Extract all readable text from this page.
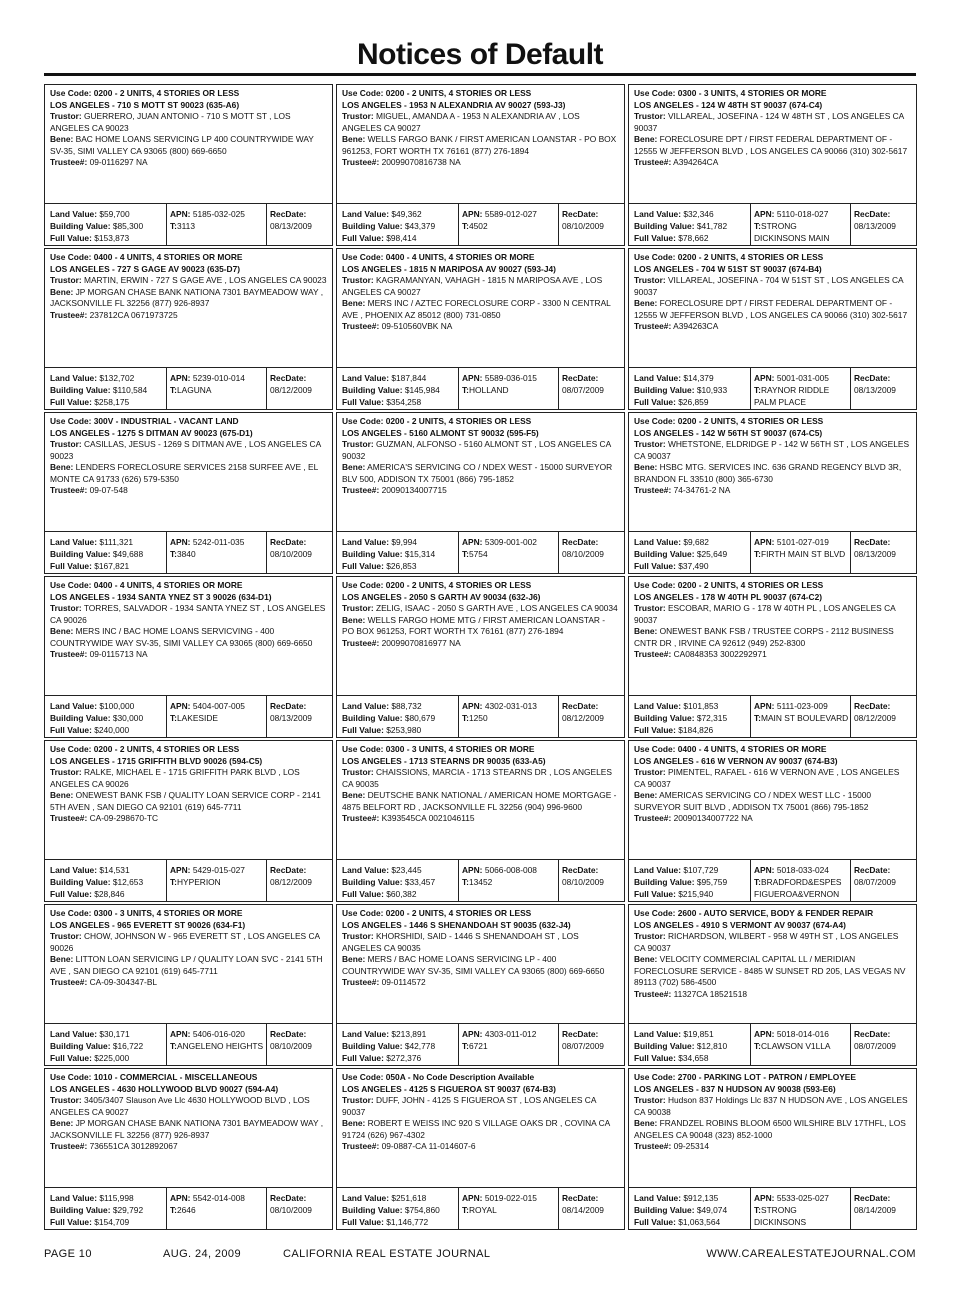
Notices of Default
Use Code: 0200 - 2 UNITS, 4 STORIES OR LESS
LOS ANGELES - 710 S MOTT ST 90023 (635-A6)
Trustor: GUERRERO, JUAN ANTONIO - 710 S MOTT ST , LOS ANGELES CA 90023
Bene: BAC HOME LOANS SERVICING LP 400 COUNTRYWIDE WAY SV-35, SIMI VALLEY CA 93065 (800) 669-6650
Trustee#: 09-0116297 NA
Land Value: $59,700
Building Value: $85,300
Full Value: $153,873
APN: 5185-032-025
T:3113
RecDate:
08/13/2009
Use Code: 0200 - 2 UNITS, 4 STORIES OR LESS
LOS ANGELES - 1953 N ALEXANDRIA AV 90027 (593-J3)
Trustor: MIGUEL, AMANDA A - 1953 N ALEXANDRIA AV , LOS ANGELES CA 90027
Bene: WELLS FARGO BANK / FIRST AMERICAN LOANSTAR - PO BOX 961253, FORT WORTH TX 76161 (877) 276-1894
Trustee#: 20099070816738 NA
Land Value: $49,362
Building Value: $43,379
Full Value: $98,414
APN: 5589-012-027
T:4502
RecDate:
08/10/2009
Use Code: 0300 - 3 UNITS, 4 STORIES OR MORE
LOS ANGELES - 124 W 48TH ST 90037 (674-C4)
Trustor: VILLAREAL, JOSEFINA - 124 W 48TH ST , LOS ANGELES CA 90037
Bene: FORECLOSURE DPT / FIRST FEDERAL DEPARTMENT OF - 12555 W JEFFERSON BLVD , LOS ANGELES CA 90066 (310) 302-5617
Trustee#: A394264CA
Land Value: $32,346
Building Value: $41,782
Full Value: $78,662
APN: 5110-018-027
T:STRONG DICKINSONS MAIN
RecDate:
08/13/2009
Use Code: 0400 - 4 UNITS, 4 STORIES OR MORE
LOS ANGELES - 727 S GAGE AV 90023 (635-D7)
Trustor: MARTIN, ERWIN - 727 S GAGE AVE , LOS ANGELES CA 90023
Bene: JP MORGAN CHASE BANK NATIONA 7301 BAYMEADOW WAY , JACKSONVILLE FL 32256 (877) 926-8937
Trustee#: 237812CA 0671973725
Land Value: $132,702
Building Value: $110,584
Full Value: $258,175
APN: 5239-010-014
T:LAGUNA
RecDate:
08/12/2009
Use Code: 0400 - 4 UNITS, 4 STORIES OR MORE
LOS ANGELES - 1815 N MARIPOSA AV 90027 (593-J4)
Trustor: KAGRAMANYAN, VAHAGH - 1815 N MARIPOSA AVE , LOS ANGELES CA 90027
Bene: MERS INC / AZTEC FORECLOSURE CORP - 3300 N CENTRAL AVE , PHOENIX AZ 85012 (800) 731-0850
Trustee#: 09-510560VBK NA
Land Value: $187,844
Building Value: $145,984
Full Value: $354,258
APN: 5589-036-015
T:HOLLAND
RecDate:
08/07/2009
Use Code: 0200 - 2 UNITS, 4 STORIES OR LESS
LOS ANGELES - 704 W 51ST ST 90037 (674-B4)
Trustor: VILLAREAL, JOSEFINA - 704 W 51ST ST , LOS ANGELES CA 90037
Bene: FORECLOSURE DPT / FIRST FEDERAL DEPARTMENT OF - 12555 W JEFFERSON BLVD , LOS ANGELES CA 90066 (310) 302-5617
Trustee#: A394263CA
Land Value: $14,379
Building Value: $10,933
Full Value: $26,859
APN: 5001-031-005
T:RAYNOR RIDDLE PALM PLACE
RecDate:
08/13/2009
Use Code: 300V - INDUSTRIAL - VACANT LAND
LOS ANGELES - 1275 S DITMAN AV 90023 (675-D1)
Trustor: CASILLAS, JESUS - 1269 S DITMAN AVE , LOS ANGELES CA 90023
Bene: LENDERS FORECLOSURE SERVICES 2158 SURFEE AVE , EL MONTE CA 91733 (626) 579-5350
Trustee#: 09-07-548
Land Value: $111,321
Building Value: $49,688
Full Value: $167,821
APN: 5242-011-035
T:3840
RecDate:
08/10/2009
Use Code: 0200 - 2 UNITS, 4 STORIES OR LESS
LOS ANGELES - 5160 ALMONT ST 90032 (595-F5)
Trustor: GUZMAN, ALFONSO - 5160 ALMONT ST , LOS ANGELES CA 90032
Bene: AMERICA'S SERVICING CO / NDEX WEST - 15000 SURVEYOR BLV 500, ADDISON TX 75001 (866) 795-1852
Trustee#: 20090134007715
Land Value: $9,994
Building Value: $15,314
Full Value: $26,853
APN: 5309-001-002
T:5754
RecDate:
08/10/2009
Use Code: 0200 - 2 UNITS, 4 STORIES OR LESS
LOS ANGELES - 142 W 56TH ST 90037 (674-C5)
Trustor: WHETSTONE, ELDRIDGE P - 142 W 56TH ST , LOS ANGELES CA 90037
Bene: HSBC MTG. SERVICES INC. 636 GRAND REGENCY BLVD 3R, BRANDON FL 33510 (800) 365-6730
Trustee#: 74-34761-2 NA
Land Value: $9,682
Building Value: $25,649
Full Value: $37,490
APN: 5101-027-019
T:FIRTH MAIN ST BLVD
RecDate:
08/13/2009
Use Code: 0400 - 4 UNITS, 4 STORIES OR MORE
LOS ANGELES - 1934 SANTA YNEZ ST 3 90026 (634-D1)
Trustor: TORRES, SALVADOR - 1934 SANTA YNEZ ST , LOS ANGELES CA 90026
Bene: MERS INC / BAC HOME LOANS SERVICVING - 400 COUNTRYWIDE WAY SV-35, SIMI VALLEY CA 93065 (800) 669-6650
Trustee#: 09-0115713 NA
Land Value: $100,000
Building Value: $30,000
Full Value: $240,000
APN: 5404-007-005
T:LAKESIDE
RecDate:
08/13/2009
Use Code: 0200 - 2 UNITS, 4 STORIES OR LESS
LOS ANGELES - 2050 S GARTH AV 90034 (632-J6)
Trustor: ZELIG, ISAAC - 2050 S GARTH AVE , LOS ANGELES CA 90034
Bene: WELLS FARGO HOME MTG / FIRST AMERICAN LOANSTAR - PO BOX 961253, FORT WORTH TX 76161 (877) 276-1894
Trustee#: 20099070816977 NA
Land Value: $88,732
Building Value: $80,679
Full Value: $253,980
APN: 4302-031-013
T:1250
RecDate:
08/12/2009
Use Code: 0200 - 2 UNITS, 4 STORIES OR LESS
LOS ANGELES - 178 W 40TH PL 90037 (674-C2)
Trustor: ESCOBAR, MARIO G - 178 W 40TH PL , LOS ANGELES CA 90037
Bene: ONEWEST BANK FSB / TRUSTEE CORPS - 2112 BUSINESS CNTR DR , IRVINE CA 92612 (949) 252-8300
Trustee#: CA0848353 3002292971
Land Value: $101,853
Building Value: $72,315
Full Value: $184,826
APN: 5111-023-009
T:MAIN ST BOULEVARD
RecDate:
08/12/2009
Use Code: 0200 - 2 UNITS, 4 STORIES OR LESS
LOS ANGELES - 1715 GRIFFITH BLVD 90026 (594-C5)
Trustor: RALKE, MICHAEL E - 1715 GRIFFITH PARK BLVD , LOS ANGELES CA 90026
Bene: ONEWEST BANK FSB / QUALITY LOAN SERVICE CORP - 2141 5TH AVEN , SAN DIEGO CA 92101 (619) 645-7711
Trustee#: CA-09-298670-TC
Land Value: $14,531
Building Value: $12,653
Full Value: $28,846
APN: 5429-015-027
T:HYPERION
RecDate:
08/12/2009
Use Code: 0300 - 3 UNITS, 4 STORIES OR MORE
LOS ANGELES - 1713 STEARNS DR 90035 (633-A5)
Trustor: CHAISSIONS, MARCIA - 1713 STEARNS DR , LOS ANGELES CA 90035
Bene: DEUTSCHE BANK NATIONAL / AMERICAN HOME MORTGAGE - 4875 BELFORT RD , JACKSONVILLE FL 32256 (904) 996-9600
Trustee#: K393545CA 0021046115
Land Value: $23,445
Building Value: $33,457
Full Value: $60,382
APN: 5066-008-008
T:13452
RecDate:
08/10/2009
Use Code: 0400 - 4 UNITS, 4 STORIES OR MORE
LOS ANGELES - 616 W VERNON AV 90037 (674-B3)
Trustor: PIMENTEL, RAFAEL - 616 W VERNON AVE , LOS ANGELES CA 90037
Bene: AMERICAS SERVICING CO / NDEX WEST LLC - 15000 SURVEYOR SUIT BLVD , ADDISON TX 75001 (866) 795-1852
Trustee#: 20090134007722 NA
Land Value: $107,729
Building Value: $95,759
Full Value: $215,940
APN: 5018-033-024
T:BRADFORD&ESPES FIGUEROA&VERNON
RecDate:
08/07/2009
Use Code: 0300 - 3 UNITS, 4 STORIES OR MORE
LOS ANGELES - 965 EVERETT ST 90026 (634-F1)
Trustor: CHOW, JOHNSON W - 965 EVERETT ST , LOS ANGELES CA 90026
Bene: LITTON LOAN SERVICING LP / QUALITY LOAN SVC - 2141 5TH AVE , SAN DIEGO CA 92101 (619) 645-7711
Trustee#: CA-09-304347-BL
Land Value: $30,171
Building Value: $16,722
Full Value: $225,000
APN: 5406-016-020
T:ANGELENO HEIGHTS
RecDate:
08/10/2009
Use Code: 0200 - 2 UNITS, 4 STORIES OR LESS
LOS ANGELES - 1446 S SHENANDOAH ST 90035 (632-J4)
Trustor: KHORSHIDI, SAID - 1446 S SHENANDOAH ST , LOS ANGELES CA 90035
Bene: MERS / BAC HOME LOANS SERVICING LP - 400 COUNTRYWIDE WAY SV-35, SIMI VALLEY CA 93065 (800) 669-6650
Trustee#: 09-0114572
Land Value: $213,891
Building Value: $42,778
Full Value: $272,376
APN: 4303-011-012
T:6721
RecDate:
08/07/2009
Use Code: 2600 - AUTO SERVICE, BODY & FENDER REPAIR
LOS ANGELES - 4910 S VERMONT AV 90037 (674-A4)
Trustor: RICHARDSON, WILBERT - 958 W 49TH ST , LOS ANGELES CA 90037
Bene: VELOCITY COMMERCIAL CAPITAL LL / MERIDIAN FORECLOSURE SERVICE - 8485 W SUNSET RD 205, LAS VEGAS NV 89113 (702) 586-4500
Trustee#: 11327CA 18521518
Land Value: $19,851
Building Value: $12,810
Full Value: $34,658
APN: 5018-014-016
T:CLAWSON V1LLA
RecDate:
08/07/2009
Use Code: 1010 - COMMERCIAL - MISCELLANEOUS
LOS ANGELES - 4630 HOLLYWOOD BLVD 90027 (594-A4)
Trustor: 3405/3407 Slauson Ave Llc 4630 HOLLYWOOD BLVD , LOS ANGELES CA 90027
Bene: JP MORGAN CHASE BANK NATIONA 7301 BAYMEADOW WAY , JACKSONVILLE FL 32256 (877) 926-8937
Trustee#: 736551CA 3012892067
Land Value: $115,998
Building Value: $29,792
Full Value: $154,709
APN: 5542-014-008
T:2646
RecDate:
08/10/2009
Use Code: 050A - No Code Description Available
LOS ANGELES - 4125 S FIGUEROA ST 90037 (674-B3)
Trustor: DUFF, JOHN - 4125 S FIGUEROA ST , LOS ANGELES CA 90037
Bene: ROBERT E WEISS INC 920 S VILLAGE OAKS DR , COVINA CA 91724 (626) 967-4302
Trustee#: 09-0887-CA 11-014607-6
Land Value: $251,618
Building Value: $754,860
Full Value: $1,146,772
APN: 5019-022-015
T:ROYAL
RecDate:
08/14/2009
Use Code: 2700 - PARKING LOT - PATRON / EMPLOYEE
LOS ANGELES - 837 N HUDSON AV 90038 (593-E6)
Trustor: Hudson 837 Holdings Llc 837 N HUDSON AVE , LOS ANGELES CA 90038
Bene: FRANDZEL ROBINS BLOOM 6500 WILSHIRE BLV 17THFL, LOS ANGELES CA 90048 (323) 852-1000
Trustee#: 09-25314
Land Value: $912,135
Building Value: $49,074
Full Value: $1,063,564
APN: 5533-025-027
T:STRONG DICKINSONS
RecDate:
08/14/2009
PAGE 10	AUG. 24, 2009	CALIFORNIA REAL ESTATE JOURNAL	WWW.CAREALESTATEJOURNAL.COM
